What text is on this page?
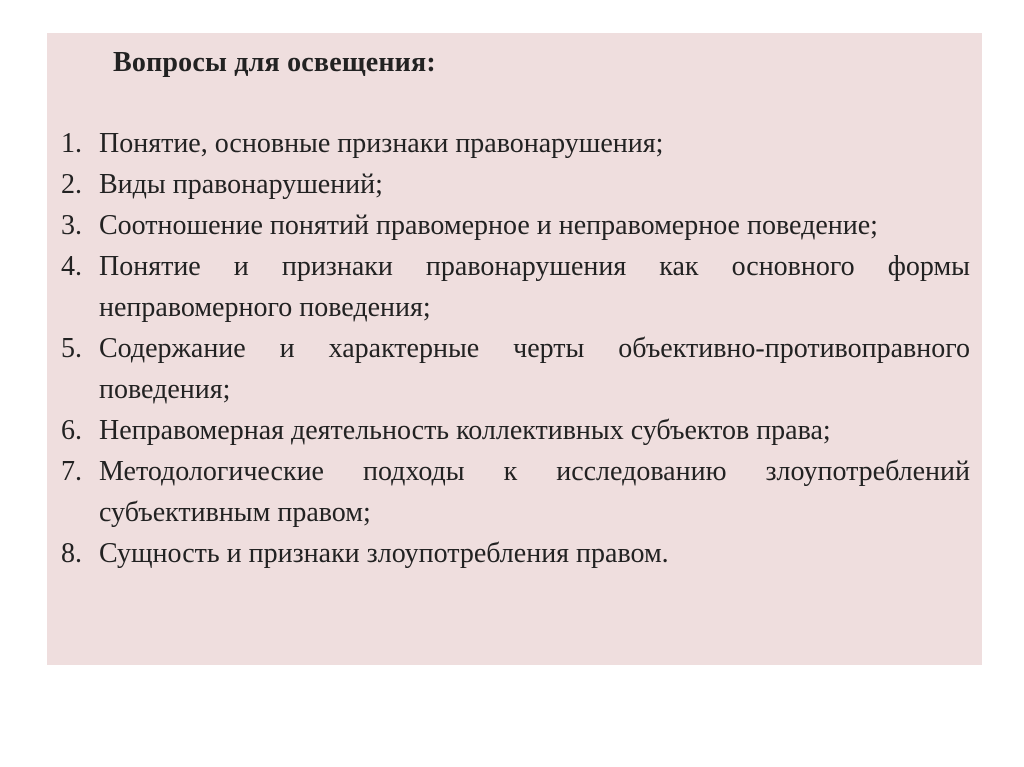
Вопросы для освещения:
1. Понятие, основные признаки правонарушения;
2. Виды правонарушений;
3. Соотношение понятий правомерное и неправомерное поведение;
4. Понятие и признаки правонарушения как основного формы неправомерного поведения;
5. Содержание и характерные черты объективно-противоправного поведения;
6. Неправомерная деятельность коллективных субъектов права;
7. Методологические подходы к исследованию злоупотреблений субъективным правом;
8. Сущность и признаки злоупотребления правом.
